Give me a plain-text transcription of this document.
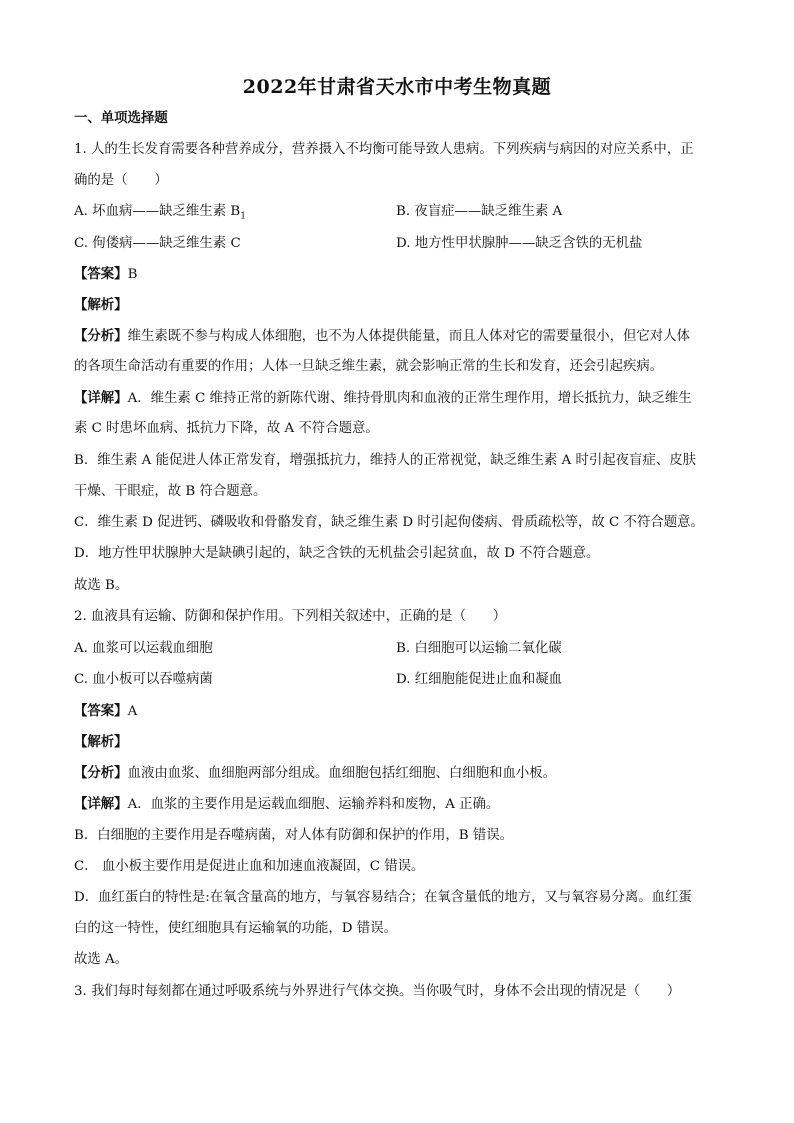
2022年甘肃省天水市中考生物真题
一、单项选择题
1. 人的生长发育需要各种营养成分，营养摄入不均衡可能导致人患病。下列疾病与病因的对应关系中，正
确的是（　　）
A. 坏血病——缺乏维生素 $B_1$	B. 夜盲症——缺乏维生素 A
C. 佝偻病——缺乏维生素 C	D. 地方性甲状腺肿——缺乏含铁的无机盐
【答案】B
【解析】
【分析】维生素既不参与构成人体细胞，也不为人体提供能量，而且人体对它的需要量很小，但它对人体
的各项生命活动有重要的作用；人体一旦缺乏维生素，就会影响正常的生长和发育，还会引起疾病。
【详解】A．维生素 C 维持正常的新陈代谢、维持骨肌肉和血液的正常生理作用，增长抵抗力，缺乏维生
素 C 时患坏血病、抵抗力下降，故 A 不符合题意。
B．维生素 A 能促进人体正常发育，增强抵抗力，维持人的正常视觉，缺乏维生素 A 时引起夜盲症、皮肤
干燥、干眼症，故 B 符合题意。
C．维生素 D 促进钙、磷吸收和骨骼发育，缺乏维生素 D 时引起佝偻病、骨质疏松等，故 C 不符合题意。
D．地方性甲状腺肿大是缺碘引起的，缺乏含铁的无机盐会引起贫血，故 D 不符合题意。
故选 B。
2. 血液具有运输、防御和保护作用。下列相关叙述中，正确的是（　　）
A. 血浆可以运载血细胞	B. 白细胞可以运输二氧化碳
C. 血小板可以吞噬病菌	D. 红细胞能促进止血和凝血
【答案】A
【解析】
【分析】血液由血浆、血细胞两部分组成。血细胞包括红细胞、白细胞和血小板。
【详解】A．血浆的主要作用是运载血细胞、运输养料和废物，A 正确。
B．白细胞的主要作用是吞噬病菌，对人体有防御和保护的作用，B 错误。
C． 血小板主要作用是促进止血和加速血液凝固，C 错误。
D．血红蛋白的特性是:在氧含量高的地方，与氧容易结合；在氧含量低的地方，又与氧容易分离。血红蛋
白的这一特性，使红细胞具有运输氧的功能，D 错误。
故选 A。
3. 我们每时每刻都在通过呼吸系统与外界进行气体交换。当你吸气时，身体不会出现的情况是（　　）
